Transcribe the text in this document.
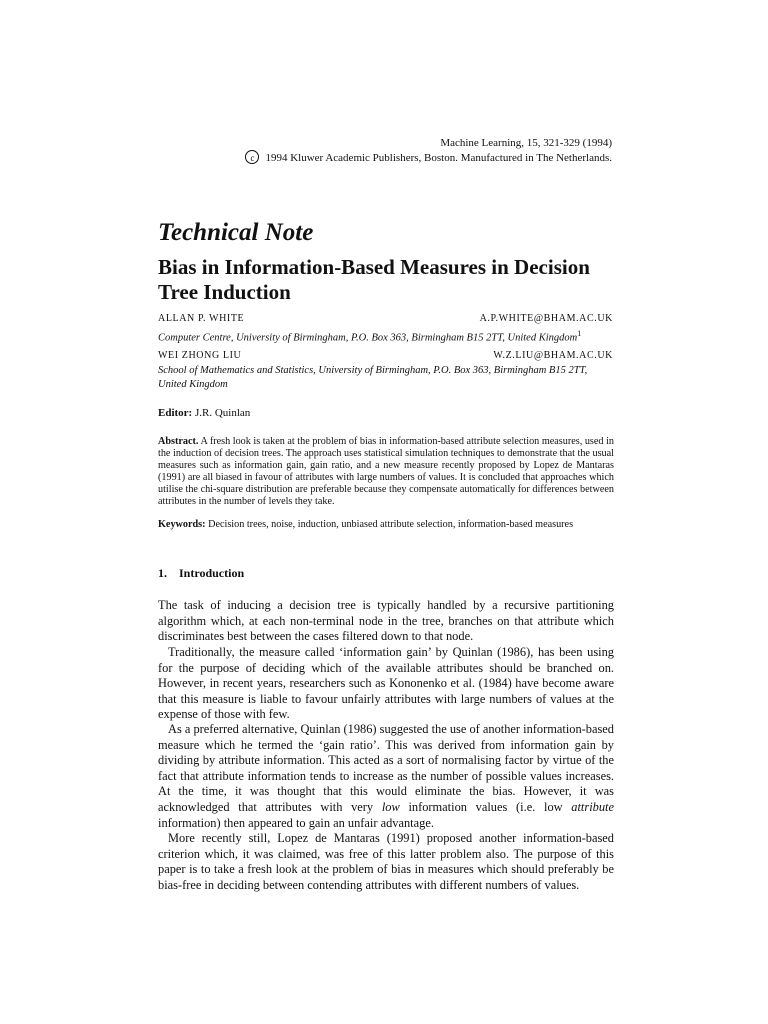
Machine Learning, 15, 321-329 (1994)
c 1994 Kluwer Academic Publishers, Boston. Manufactured in The Netherlands.
Technical Note
Bias in Information-Based Measures in Decision Tree Induction
ALLAN P. WHITE	A.P.WHITE@BHAM.AC.UK
Computer Centre, University of Birmingham, P.O. Box 363, Birmingham B15 2TT, United Kingdom$^1$
WEI ZHONG LIU	W.Z.LIU@BHAM.AC.UK
School of Mathematics and Statistics, University of Birmingham, P.O. Box 363, Birmingham B15 2TT, United Kingdom
Editor: J.R. Quinlan
Abstract. A fresh look is taken at the problem of bias in information-based attribute selection measures, used in the induction of decision trees. The approach uses statistical simulation techniques to demonstrate that the usual measures such as information gain, gain ratio, and a new measure recently proposed by Lopez de Mantaras (1991) are all biased in favour of attributes with large numbers of values. It is concluded that approaches which utilise the chi-square distribution are preferable because they compensate automatically for differences between attributes in the number of levels they take.
Keywords: Decision trees, noise, induction, unbiased attribute selection, information-based measures
1. Introduction
The task of inducing a decision tree is typically handled by a recursive partitioning algorithm which, at each non-terminal node in the tree, branches on that attribute which discriminates best between the cases filtered down to that node.
Traditionally, the measure called ‘information gain’ by Quinlan (1986), has been using for the purpose of deciding which of the available attributes should be branched on. However, in recent years, researchers such as Kononenko et al. (1984) have become aware that this measure is liable to favour unfairly attributes with large numbers of values at the expense of those with few.
As a preferred alternative, Quinlan (1986) suggested the use of another information-based measure which he termed the ‘gain ratio’. This was derived from information gain by dividing by attribute information. This acted as a sort of normalising factor by virtue of the fact that attribute information tends to increase as the number of possible values increases. At the time, it was thought that this would eliminate the bias. However, it was acknowledged that attributes with very low information values (i.e. low attribute information) then appeared to gain an unfair advantage.
More recently still, Lopez de Mantaras (1991) proposed another information-based criterion which, it was claimed, was free of this latter problem also. The purpose of this paper is to take a fresh look at the problem of bias in measures which should preferably be bias-free in deciding between contending attributes with different numbers of values.
